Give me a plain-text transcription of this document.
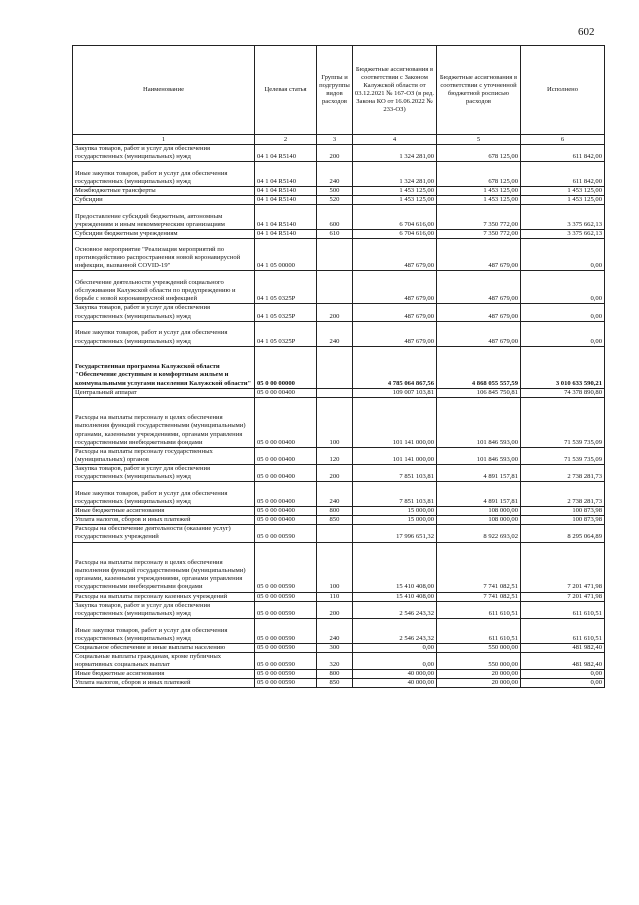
602
Наименование	Целевая статья	Группы и подгруппы видов расходов	Бюджетные ассигнования в соответствии с Законом Калужской области от 03.12.2021 № 167-ОЗ (в ред. Закона КО от 16.06.2022 № 233-ОЗ)	Бюджетные ассигнования в соответствии с уточненной бюджетной росписью расходов	Исполнено
1	2	3	4	5	6
Закупка товаров, работ и услуг для обеспечения государственных (муниципальных) нужд	04 1 04 R5140	200	1 324 281,00	678 125,00	611 842,00
Иные закупки товаров, работ и услуг для обеспечения государственных (муниципальных) нужд	04 1 04 R5140	240	1 324 281,00	678 125,00	611 842,00
Межбюджетные трансферты	04 1 04 R5140	500	1 453 125,00	1 453 125,00	1 453 125,00
Субсидии	04 1 04 R5140	520	1 453 125,00	1 453 125,00	1 453 125,00
Предоставление субсидий бюджетным, автономным учреждениям и иным некоммерческим организациям	04 1 04 R5140	600	6 704 616,00	7 350 772,00	3 375 662,13
Субсидии бюджетным учреждениям	04 1 04 R5140	610	6 704 616,00	7 350 772,00	3 375 662,13
Основное мероприятие "Реализация мероприятий по противодействию распространения новой коронавирусной инфекции, вызванной COVID-19"	04 1 05 00000		487 679,00	487 679,00	0,00
Обеспечение деятельности учреждений социального обслуживания Калужской области по предупреждению и борьбе с новой коронавирусной инфекцией	04 1 05 0325Р		487 679,00	487 679,00	0,00
Закупка товаров, работ и услуг для обеспечения государственных (муниципальных) нужд	04 1 05 0325Р	200	487 679,00	487 679,00	0,00
Иные закупки товаров, работ и услуг для обеспечения государственных (муниципальных) нужд	04 1 05 0325Р	240	487 679,00	487 679,00	0,00
Государственная программа Калужской области "Обеспечение доступным и комфортным жильем и коммунальными услугами населения Калужской области"	05 0 00 00000		4 785 064 867,56	4 868 055 557,59	3 010 633 590,21
Центральный аппарат	05 0 00 00400		109 007 103,81	106 845 750,81	74 378 890,80
Расходы на выплаты персоналу в целях обеспечения выполнения функций государственными (муниципальными) органами, казенными учреждениями, органами управления государственными внебюджетными фондами	05 0 00 00400	100	101 141 000,00	101 846 593,00	71 539 735,09
Расходы на выплаты персоналу государственных (муниципальных) органов	05 0 00 00400	120	101 141 000,00	101 846 593,00	71 539 735,09
Закупка товаров, работ и услуг для обеспечения государственных (муниципальных) нужд	05 0 00 00400	200	7 851 103,81	4 891 157,81	2 738 281,73
Иные закупки товаров, работ и услуг для обеспечения государственных (муниципальных) нужд	05 0 00 00400	240	7 851 103,81	4 891 157,81	2 738 281,73
Иные бюджетные ассигнования	05 0 00 00400	800	15 000,00	108 000,00	100 873,98
Уплата налогов, сборов и иных платежей	05 0 00 00400	850	15 000,00	108 000,00	100 873,98
Расходы на обеспечение деятельности (оказание услуг) государственных учреждений	05 0 00 00590		17 996 651,32	8 922 693,02	8 295 064,89
Расходы на выплаты персоналу в целях обеспечения выполнения функций государственными (муниципальными) органами, казенными учреждениями, органами управления государственными внебюджетными фондами	05 0 00 00590	100	15 410 408,00	7 741 082,51	7 201 471,98
Расходы на выплаты персоналу казенных учреждений	05 0 00 00590	110	15 410 408,00	7 741 082,51	7 201 471,98
Закупка товаров, работ и услуг для обеспечения государственных (муниципальных) нужд	05 0 00 00590	200	2 546 243,32	611 610,51	611 610,51
Иные закупки товаров, работ и услуг для обеспечения государственных (муниципальных) нужд	05 0 00 00590	240	2 546 243,32	611 610,51	611 610,51
Социальное обеспечение и иные выплаты населению	05 0 00 00590	300	0,00	550 000,00	481 982,40
Социальные выплаты гражданам, кроме публичных нормативных социальных выплат	05 0 00 00590	320	0,00	550 000,00	481 982,40
Иные бюджетные ассигнования	05 0 00 00590	800	40 000,00	20 000,00	0,00
Уплата налогов, сборов и иных платежей	05 0 00 00590	850	40 000,00	20 000,00	0,00
